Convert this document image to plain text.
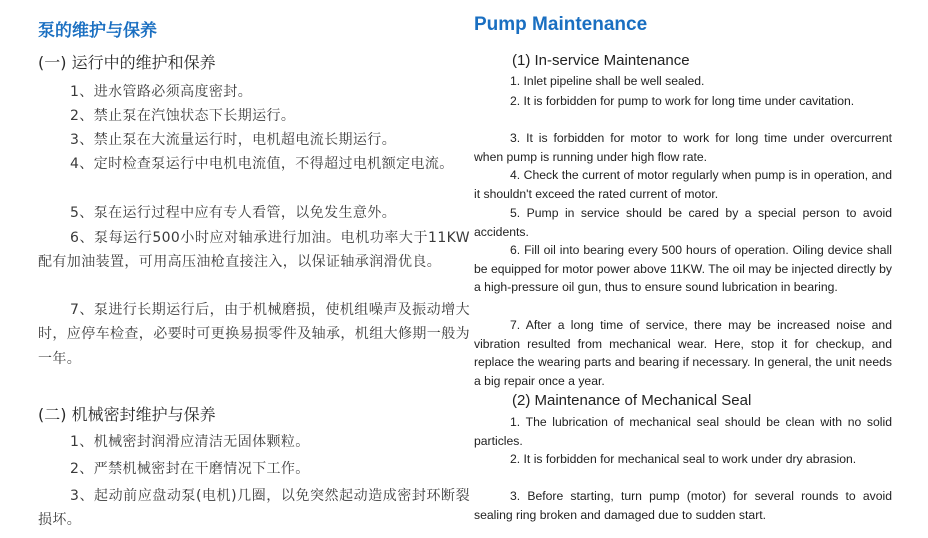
泵的维护与保养
(一) 运行中的维护和保养
1、进水管路必须高度密封。
2、禁止泵在汽蚀状态下长期运行。
3、禁止泵在大流量运行时，电机超电流长期运行。
4、定时检查泵运行中电机电流值，不得超过电机额定电流。
5、泵在运行过程中应有专人看管，以免发生意外。
6、泵每运行500小时应对轴承进行加油。电机功率大于11KW配有加油装置，可用高压油枪直接注入，以保证轴承润滑优良。
7、泵进行长期运行后，由于机械磨损，使机组噪声及振动增大时，应停车检查，必要时可更换易损零件及轴承，机组大修期一般为一年。
(二) 机械密封维护与保养
1、机械密封润滑应清洁无固体颗粒。
2、严禁机械密封在干磨情况下工作。
3、起动前应盘动泵(电机)几圈，以免突然起动造成密封环断裂损坏。
Pump Maintenance
(1) In-service Maintenance
1. Inlet pipeline shall be well sealed.
2. It is forbidden for pump to work for long time under cavitation.
3. It is forbidden for motor to work for long time under overcurrent when pump is running under high flow rate.
4. Check the current of motor regularly when pump is in operation, and it shouldn't exceed the rated current of motor.
5. Pump in service should be cared by a special person to avoid accidents.
6. Fill oil into bearing every 500 hours of operation. Oiling device shall be equipped for motor power above 11KW. The oil may be injected directly by a high-pressure oil gun, thus to ensure sound lubrication in bearing.
7. After a long time of service, there may be increased noise and vibration resulted from mechanical wear. Here, stop it for checkup, and replace the wearing parts and bearing if necessary. In general, the unit needs a big repair once a year.
(2) Maintenance of Mechanical Seal
1. The lubrication of mechanical seal should be clean with no solid particles.
2. It is forbidden for mechanical seal to work under dry abrasion.
3. Before starting, turn pump (motor) for several rounds to avoid sealing ring broken and damaged due to sudden start.
